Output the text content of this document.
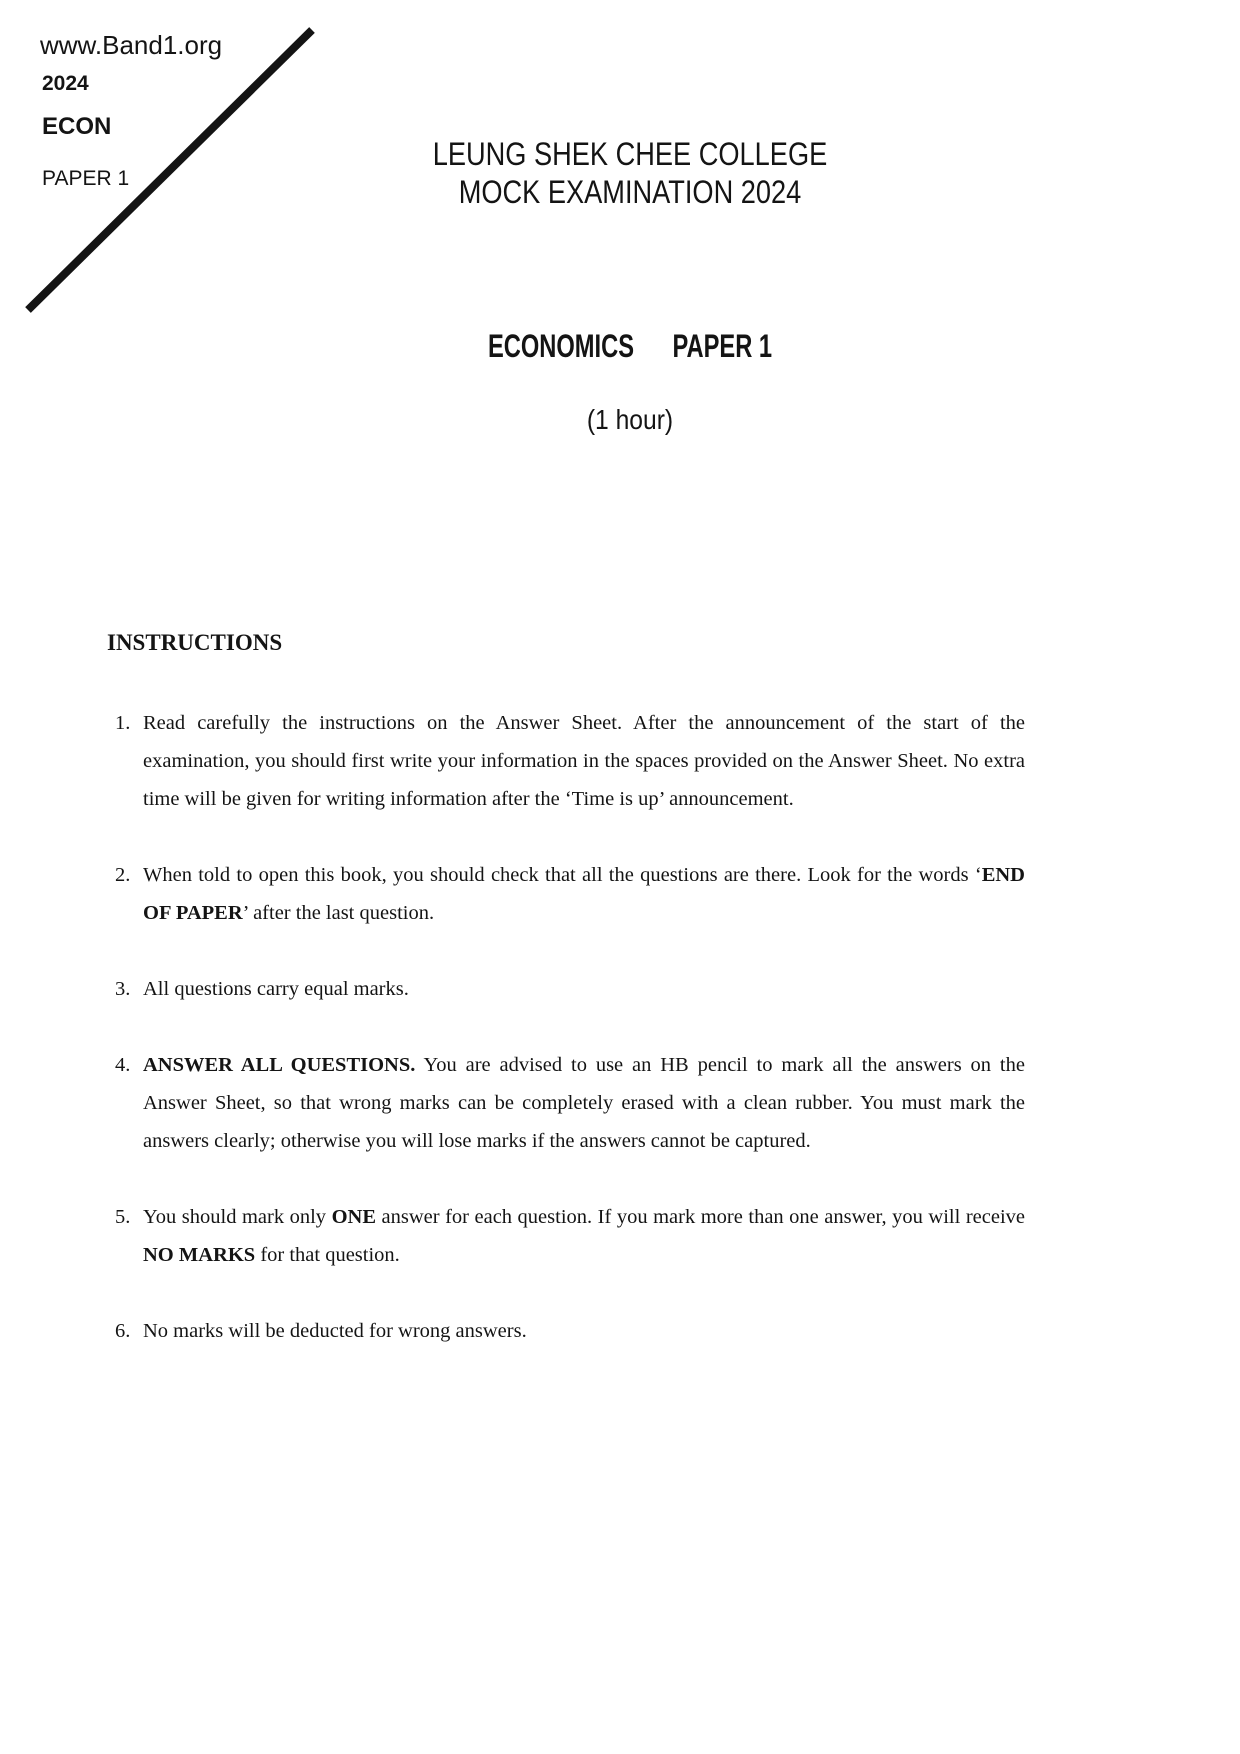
www.Band1.org
2024
ECON
PAPER 1
LEUNG SHEK CHEE COLLEGE
MOCK EXAMINATION 2024
ECONOMICS PAPER 1
(1 hour)
INSTRUCTIONS
1. Read carefully the instructions on the Answer Sheet. After the announcement of the start of the examination, you should first write your information in the spaces provided on the Answer Sheet. No extra time will be given for writing information after the ‘Time is up’ announcement.

2. When told to open this book, you should check that all the questions are there. Look for the words ‘END OF PAPER’ after the last question.

3. All questions carry equal marks.

4. ANSWER ALL QUESTIONS. You are advised to use an HB pencil to mark all the answers on the Answer Sheet, so that wrong marks can be completely erased with a clean rubber. You must mark the answers clearly; otherwise you will lose marks if the answers cannot be captured.

5. You should mark only ONE answer for each question. If you mark more than one answer, you will receive NO MARKS for that question.

6. No marks will be deducted for wrong answers.
